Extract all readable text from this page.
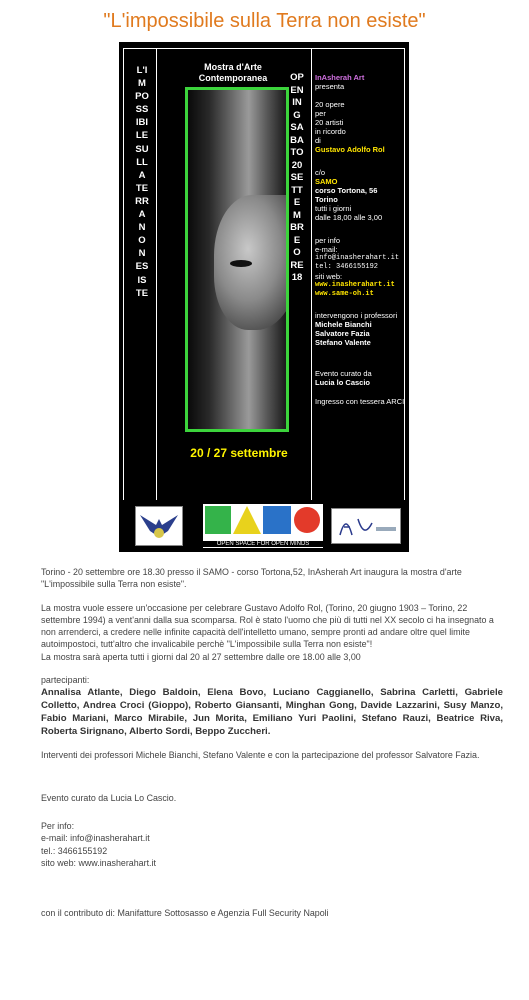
"L'impossibile sulla Terra non esiste"
L'IMPOSSIBILE SULLA TERRA NON ESISTE
OPENING SABATO 20 SETTEMBRE ORE 18
Mostra d'Arte
Contemporanea
20 / 27 settembre
InAsherah Art
presenta
20 opere
per
20 artisti
in ricordo
di
Gustavo Adolfo Rol
c/o
SAMO
corso Tortona, 56
Torino
tutti i giorni
dalle 18,00 alle 3,00
per info
e-mail:
info@inasherahart.it
tel: 3466155192
siti web:
www.inasherahart.it
www.same-oh.it
intervengono i professori
Michele Bianchi
Salvatore Fazia
Stefano Valente
Evento curato da
Lucia lo Cascio
Ingresso con tessera ARCI
OPEN SPACE FOR OPEN MINDS

Torino - 20 settembre ore 18.30 presso il SAMO - corso Tortona,52, InAsherah Art inaugura la mostra d'arte "L'impossibile sulla Terra non esiste".

La mostra vuole essere un'occasione per celebrare Gustavo Adolfo Rol, (Torino, 20 giugno 1903 – Torino, 22 settembre 1994) a vent'anni dalla sua scomparsa. Rol è stato l'uomo che più di tutti nel XX secolo ci ha insegnato a non arrenderci, a credere nelle infinite capacità dell'intelletto umano, sempre pronti ad andare oltre quel limite autoimpostoci, tutt'altro che invalicabile perchè "L'impossibile sulla Terra non esiste"!
La mostra sarà aperta tutti i giorni dal 20 al 27 settembre dalle ore 18.00 alle 3,00
partecipanti:
Annalisa Atlante, Diego Baldoin, Elena Bovo, Luciano Caggianello, Sabrina Carletti, Gabriele Colletto, Andrea Croci (Gioppo), Roberto Giansanti, Minghan Gong, Davide Lazzarini, Susy Manzo, Fabio Mariani, Marco Mirabile, Jun Morita, Emiliano Yuri Paolini, Stefano Rauzi, Beatrice Riva, Roberta Sirignano, Alberto Sordi, Beppo Zuccheri.

Interventi dei professori Michele Bianchi, Stefano Valente e con la partecipazione del professor Salvatore Fazia.

Evento curato da Lucia Lo Cascio.

Per info:
e-mail: info@inasherahart.it
tel.: 3466155192
sito web: www.inasherahart.it

con il contributo di: Manifatture Sottosasso e Agenzia Full Security Napoli
